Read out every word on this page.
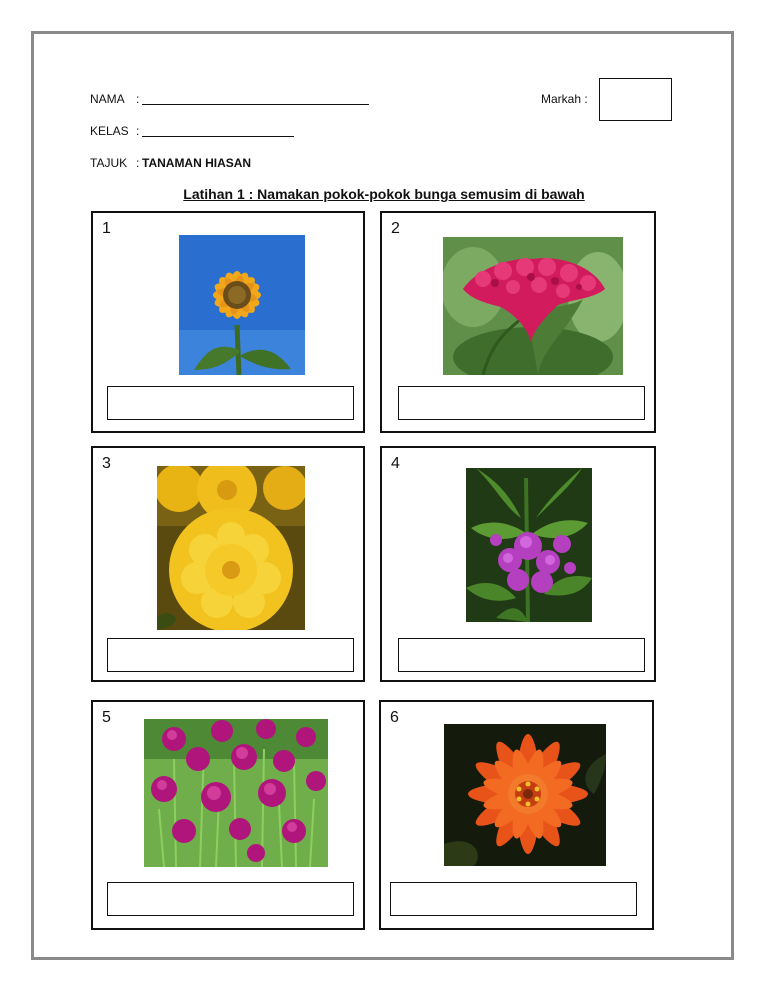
NAMA :
KELAS :
TAJUK : TANAMAN HIASAN
Markah :
Latihan 1 : Namakan pokok-pokok bunga semusim di bawah
1	2
3	4
5	6
